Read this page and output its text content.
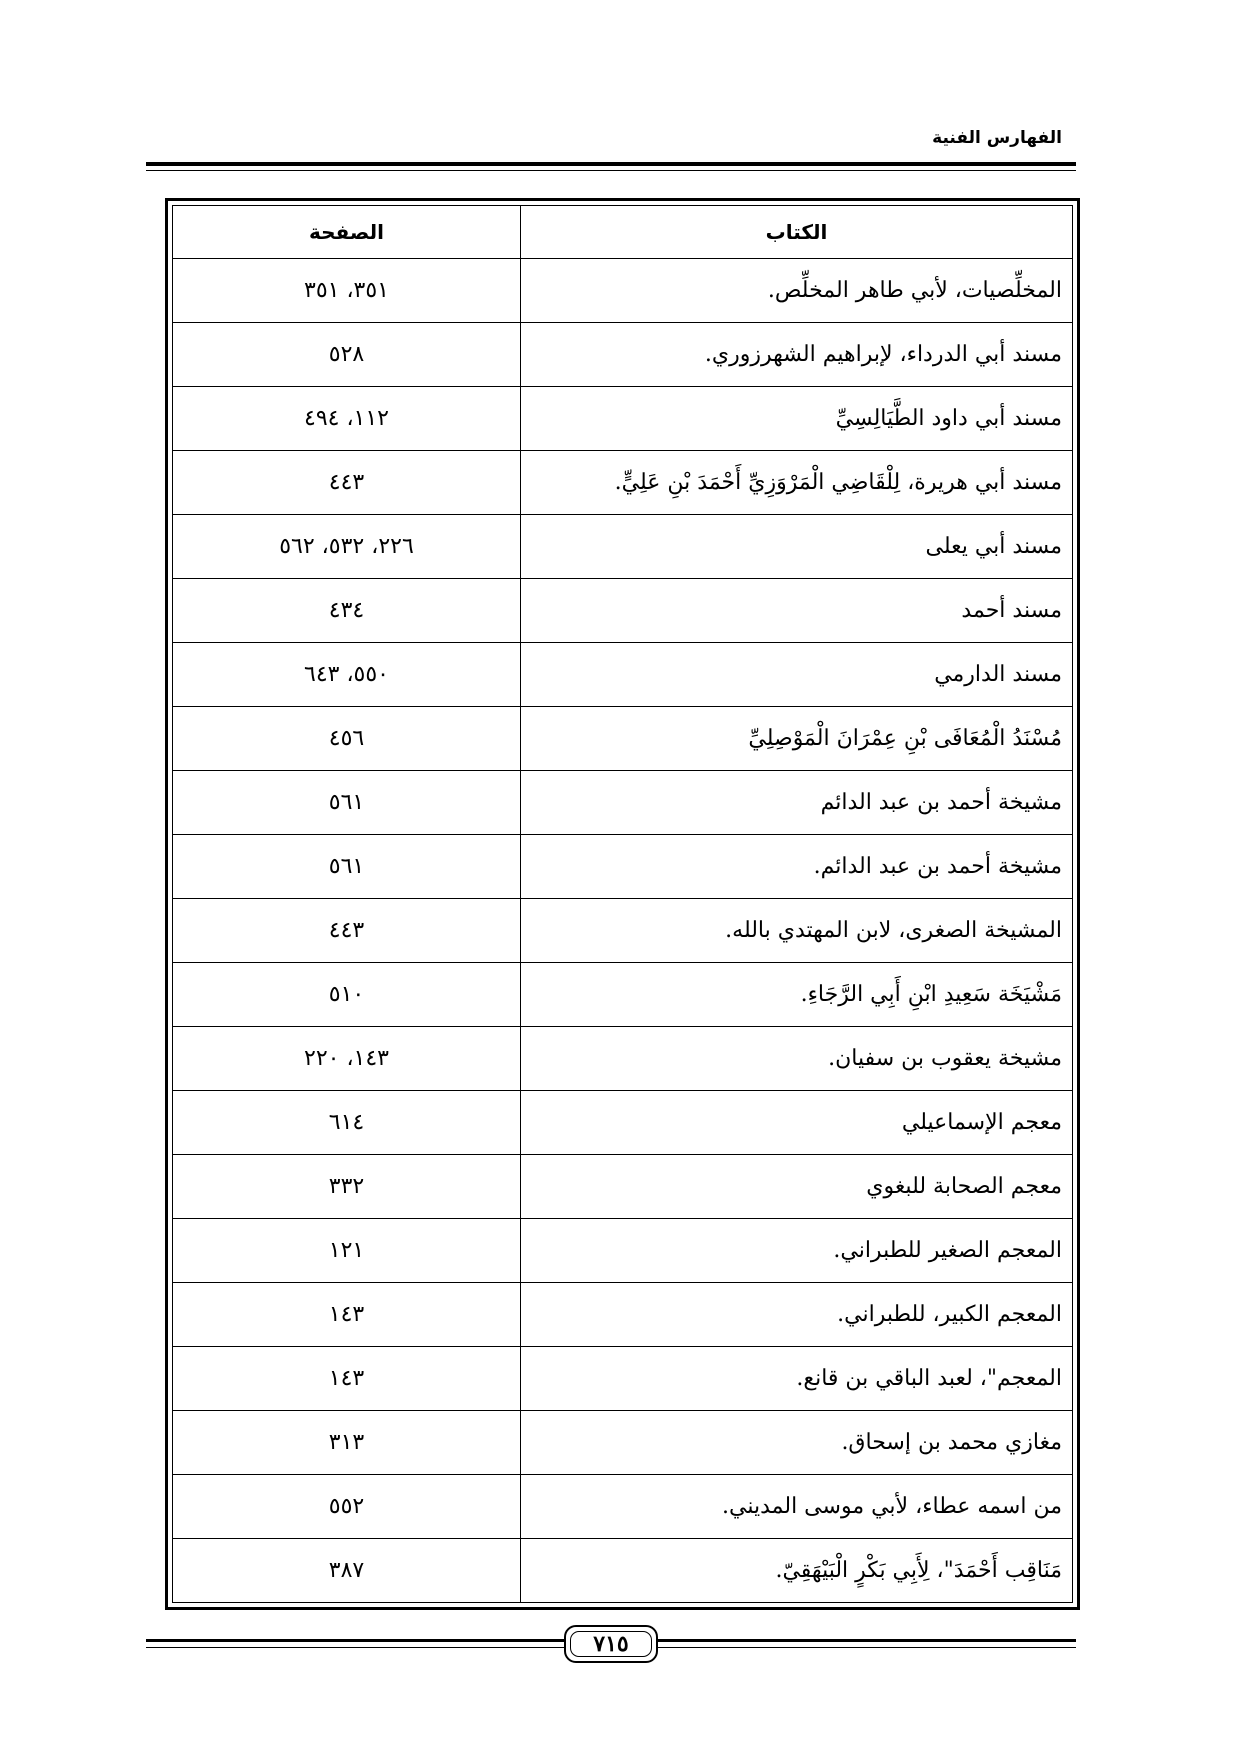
الفهارس الفنية
الكتاب	الصفحة
المخلِّصيات، لأبي طاهر المخلِّص.	٣٥١، ٣٥١
مسند أبي الدرداء، لإبراهيم الشهرزوري.	٥٢٨
مسند أبي داود الطَّيَالِسِيِّ	١١٢، ٤٩٤
مسند أبي هريرة، لِلْقَاضِي الْمَرْوَزِيِّ أَحْمَدَ بْنِ عَلِيٍّ.	٤٤٣
مسند أبي يعلى	٢٢٦، ٥٣٢، ٥٦٢
مسند أحمد	٤٣٤
مسند الدارمي	٥٥٠، ٦٤٣
مُسْنَدُ الْمُعَافَى بْنِ عِمْرَانَ الْمَوْصِلِيِّ	٤٥٦
مشيخة أحمد بن عبد الدائم	٥٦١
مشيخة أحمد بن عبد الدائم.	٥٦١
المشيخة الصغرى، لابن المهتدي بالله.	٤٤٣
مَشْيَخَة سَعِيدِ ابْنِ أَبِي الرَّجَاءِ.	٥١٠
مشيخة يعقوب بن سفيان.	١٤٣، ٢٢٠
معجم الإسماعيلي	٦١٤
معجم الصحابة للبغوي	٣٣٢
المعجم الصغير للطبراني.	١٢١
المعجم الكبير، للطبراني.	١٤٣
المعجم"، لعبد الباقي بن قانع.	١٤٣
مغازي محمد بن إسحاق.	٣١٣
من اسمه عطاء، لأبي موسى المديني.	٥٥٢
مَنَاقِب أَحْمَدَ"، لِأَبِي بَكْرٍ الْبَيْهَقِيّ.	٣٨٧
٧١٥
